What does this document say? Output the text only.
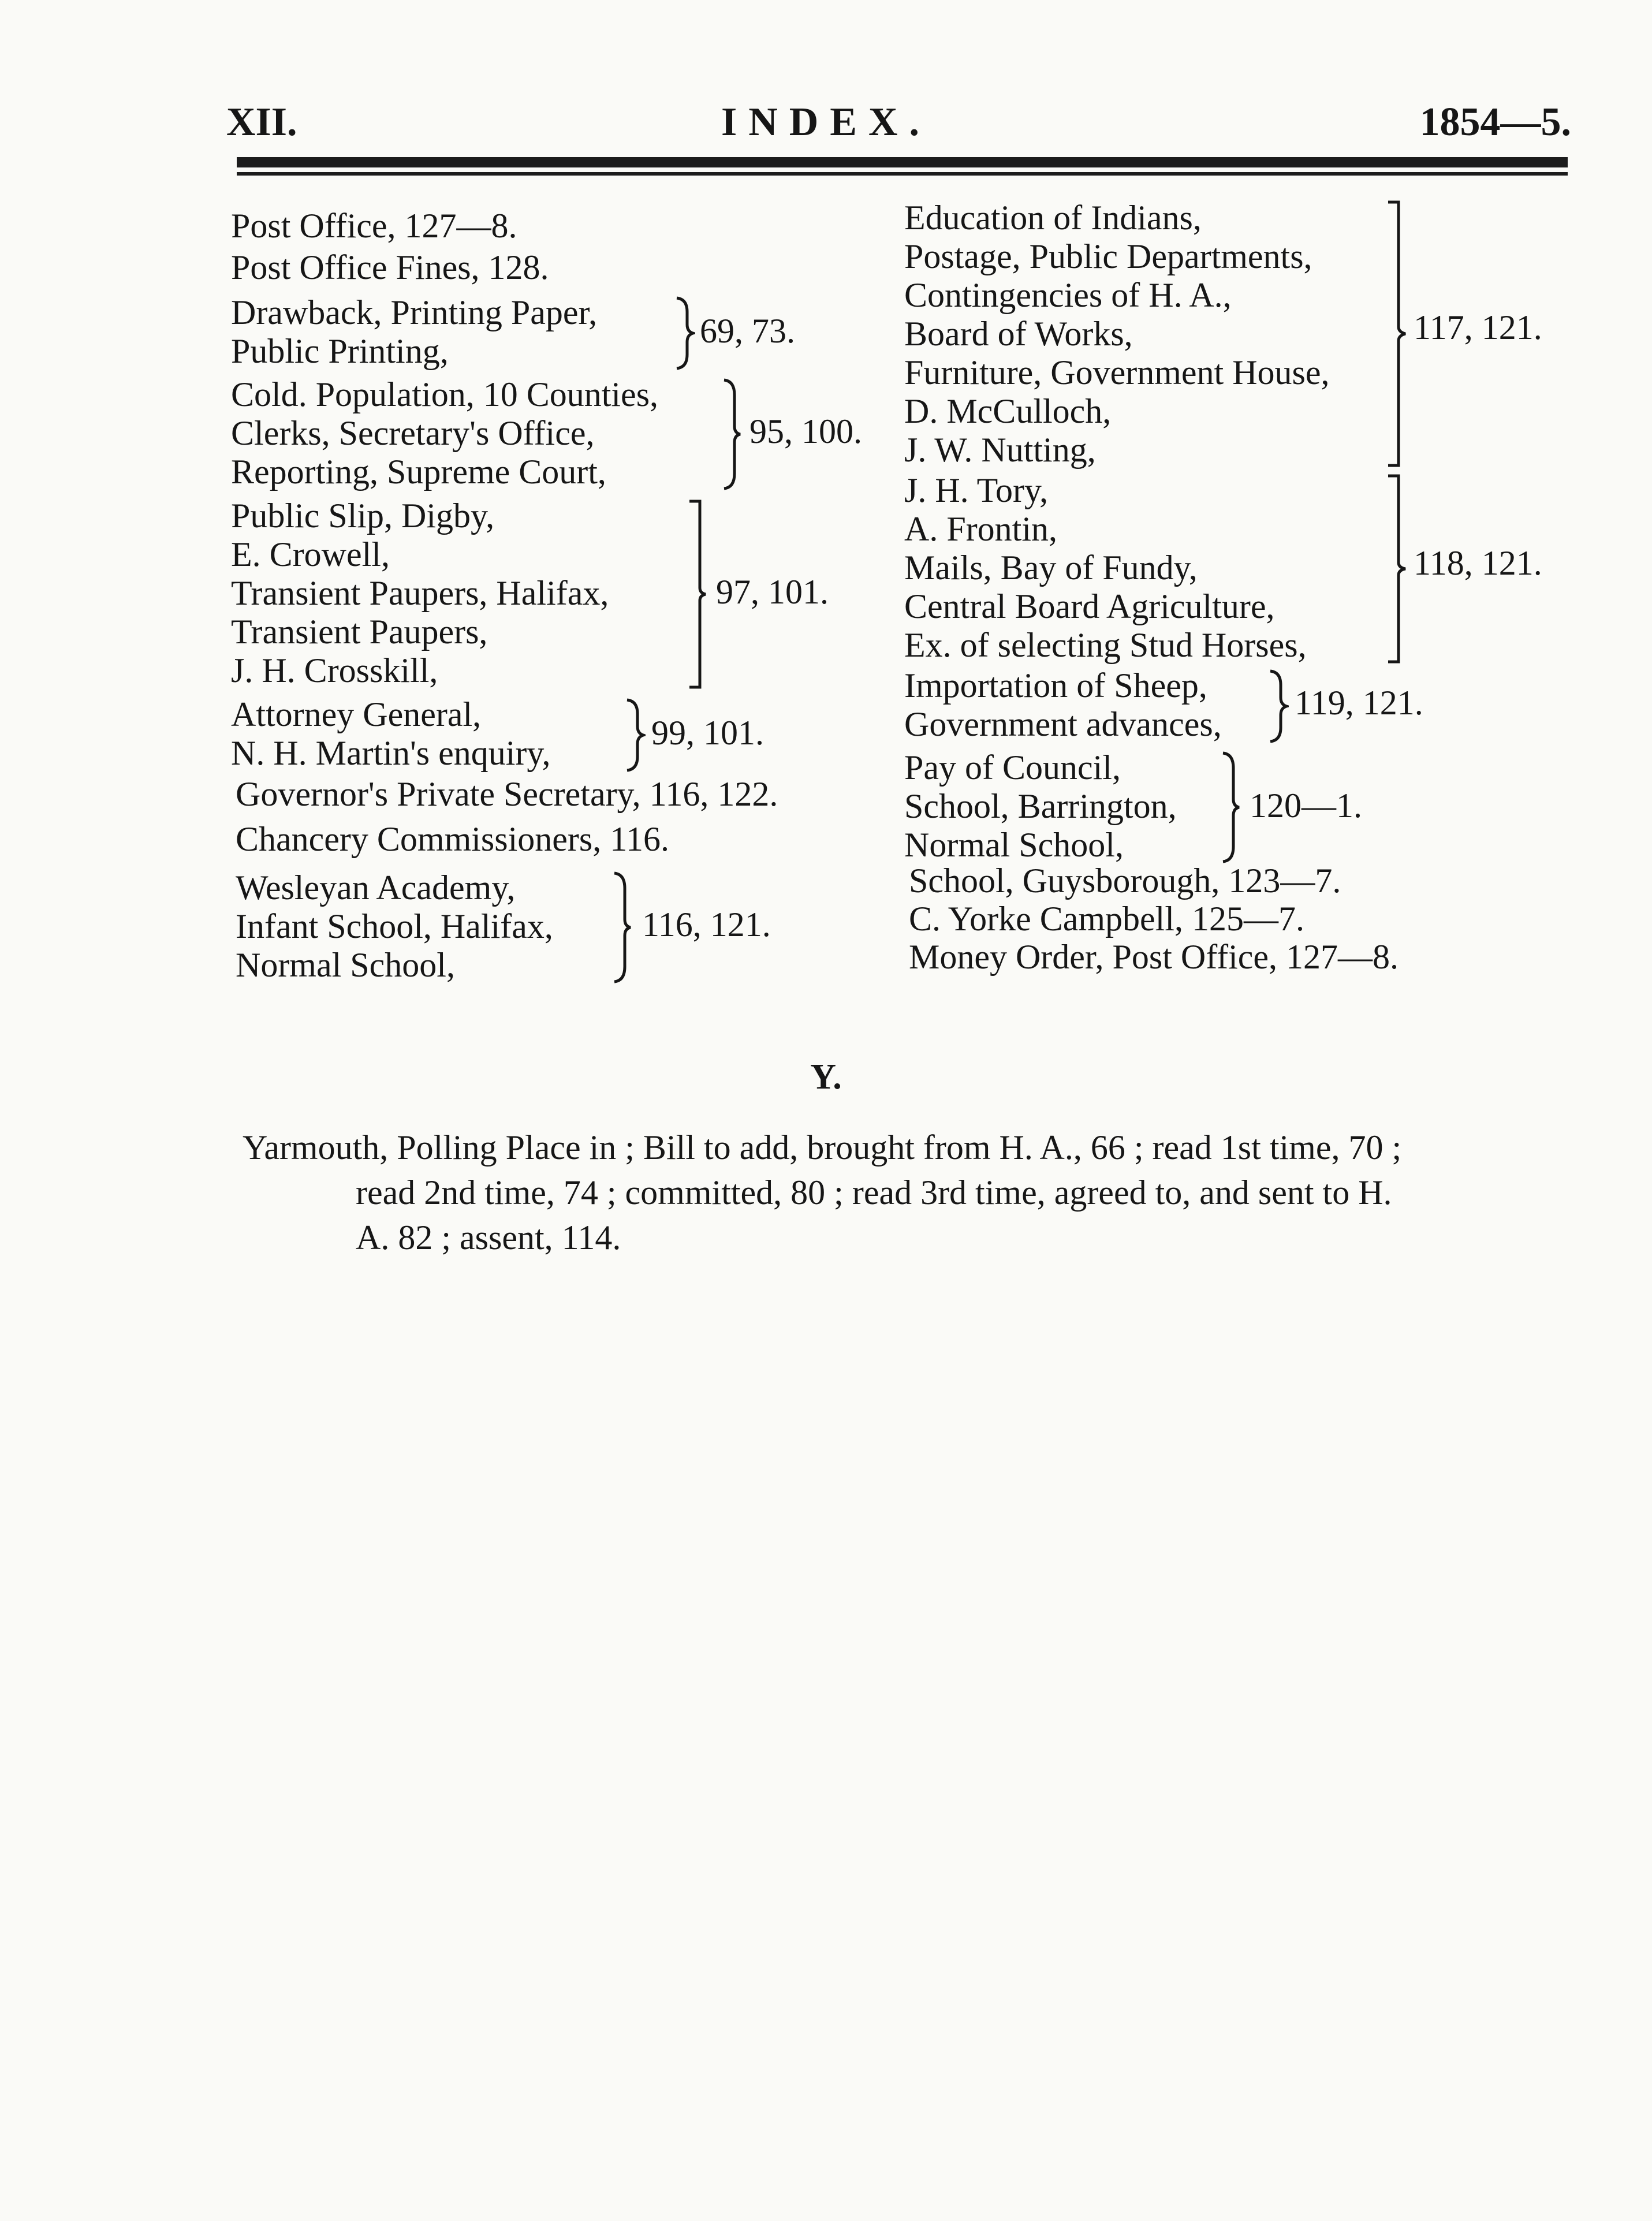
XII.	INDEX.	1854—5.
Post Office, 127—8.
Post Office Fines, 128.
Drawback, Printing Paper,
Public Printing,
69, 73.
Cold. Population, 10 Counties,
Clerks, Secretary's Office,
Reporting, Supreme Court,
95, 100.
Public Slip, Digby,
E. Crowell,
Transient Paupers, Halifax,
Transient Paupers,
J. H. Crosskill,
97, 101.
Attorney General,
N. H. Martin's enquiry,
99, 101.
Governor's Private Secretary, 116, 122.
Chancery Commissioners, 116.
Wesleyan Academy,
Infant School, Halifax,
Normal School,
116, 121.
Education of Indians,
Postage, Public Departments,
Contingencies of H. A.,
Board of Works,
Furniture, Government House,
D. McCulloch,
J. W. Nutting,
117, 121.
J. H. Tory,
A. Frontin,
Mails, Bay of Fundy,
Central Board Agriculture,
Ex. of selecting Stud Horses,
118, 121.
Importation of Sheep,
Government advances,
119, 121.
Pay of Council,
School, Barrington,
Normal School,
120—1.
School, Guysborough, 123—7.
C. Yorke Campbell, 125—7.
Money Order, Post Office, 127—8.
Y.
Yarmouth, Polling Place in ; Bill to add, brought from H. A., 66 ; read 1st time, 70 ;
read 2nd time, 74 ; committed, 80 ; read 3rd time, agreed to, and sent to H.
A. 82 ; assent, 114.
